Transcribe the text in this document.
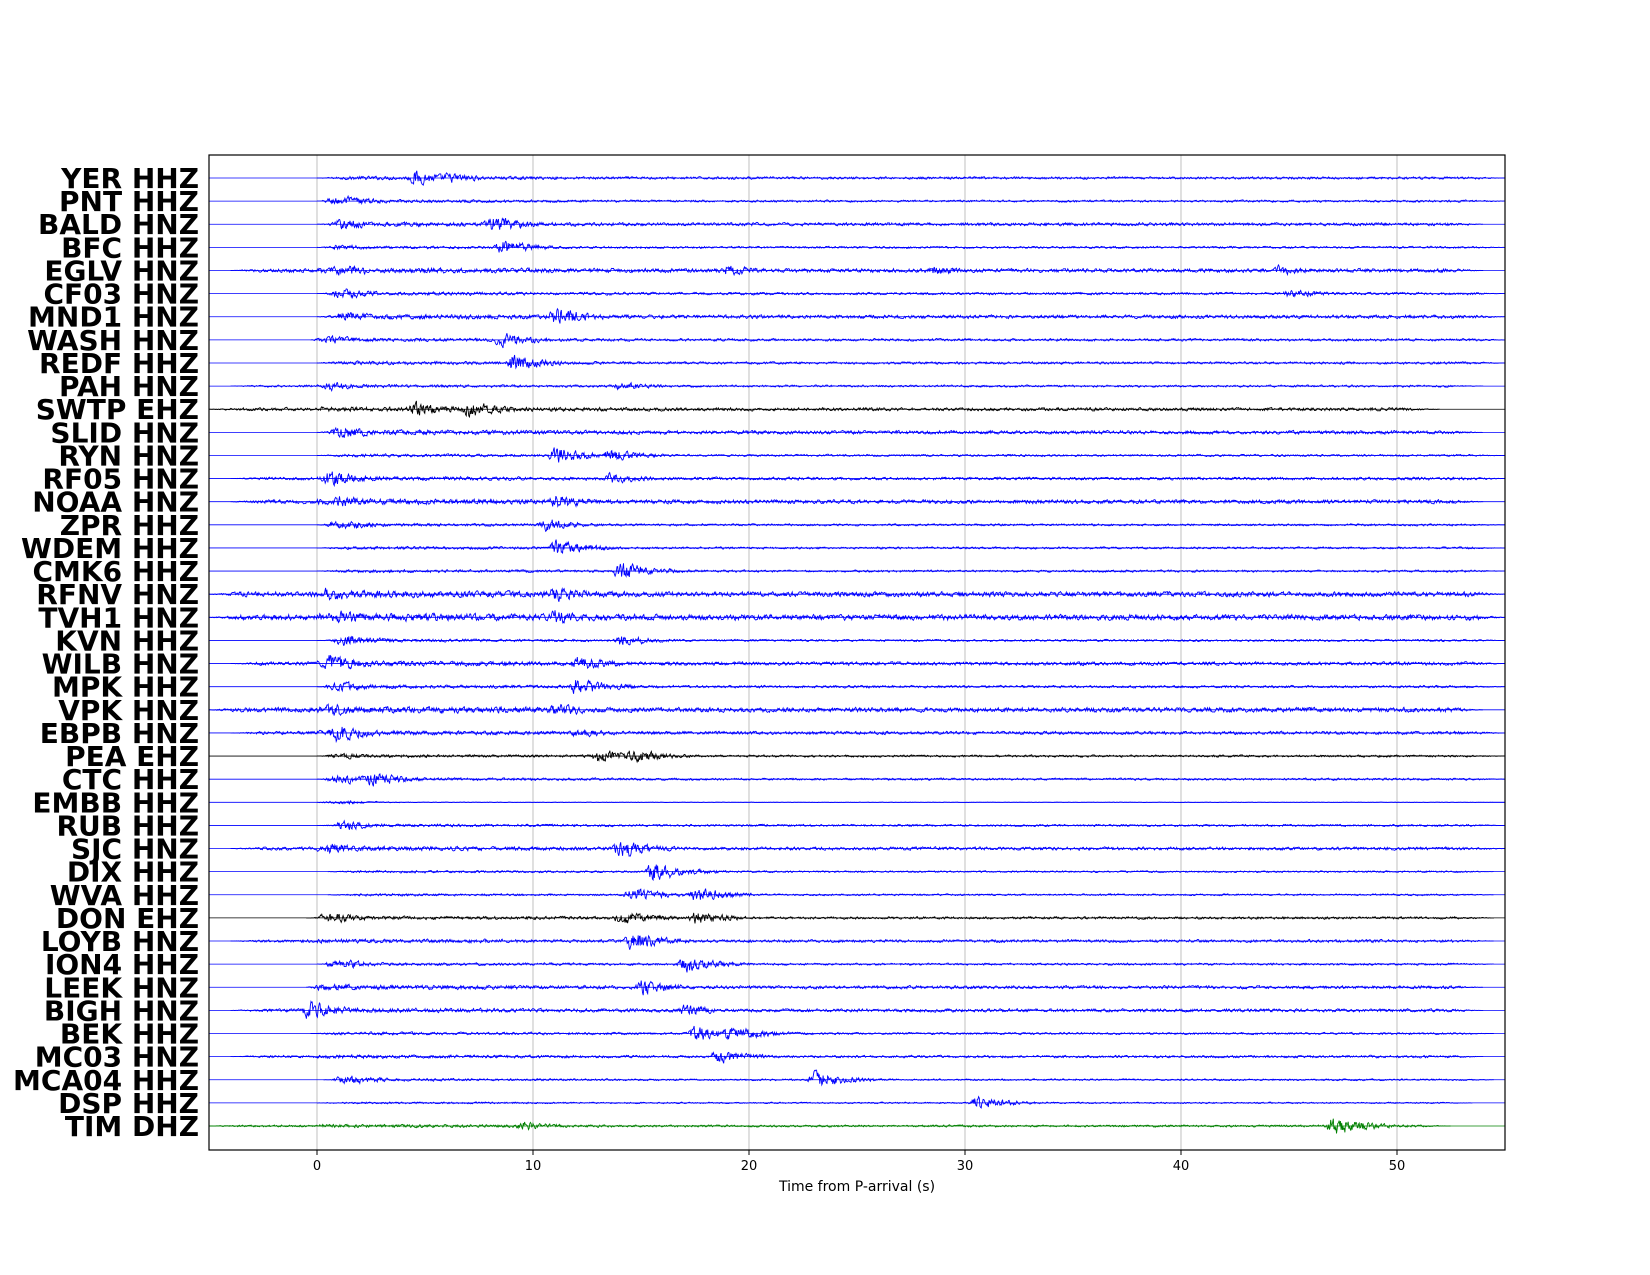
YER HHZ
PNT HHZ
BALD HNZ
BFC HHZ
EGLV HNZ
CF03 HNZ
MND1 HNZ
WASH HNZ
REDF HHZ
PAH HNZ
SWTP EHZ
SLID HNZ
RYN HNZ
RF05 HNZ
NOAA HNZ
ZPR HHZ
WDEM HHZ
CMK6 HHZ
RFNV HNZ
TVH1 HNZ
KVN HHZ
WILB HNZ
MPK HHZ
VPK HNZ
EBPB HNZ
PEA EHZ
CTC HHZ
EMBB HHZ
RUB HHZ
SJC HNZ
DIX HHZ
WVA HHZ
DON EHZ
LOYB HNZ
ION4 HHZ
LEEK HNZ
BIGH HNZ
BEK HHZ
MC03 HNZ
MCA04 HHZ
DSP HHZ
TIM DHZ
0	10	20	30	40	50
Time from P-arrival (s)
